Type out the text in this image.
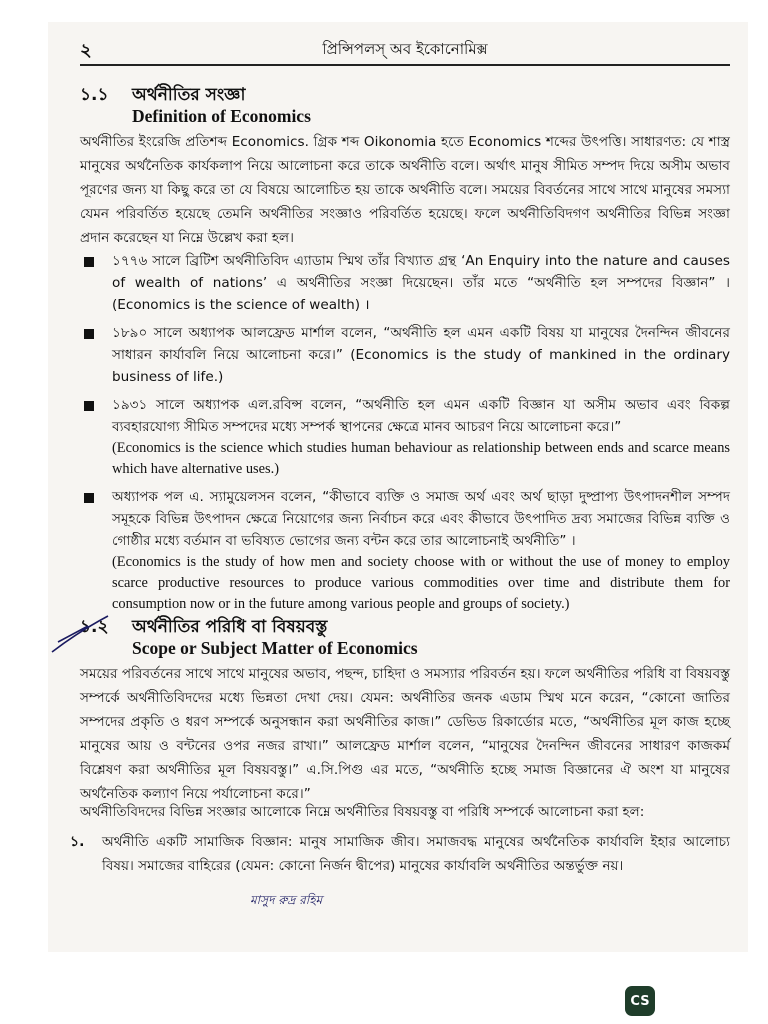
২	প্রিন্সিপলস্ অব ইকোনোমিক্স
১.১ অর্থনীতির সংজ্ঞা
Definition of Economics

অর্থনীতির ইংরেজি প্রতিশব্দ Economics. গ্রিক শব্দ Oikonomia হতে Economics শব্দের উৎপত্তি। সাধারণত: যে শাস্ত্র মানুষের অর্থনৈতিক কার্যকলাপ নিয়ে আলোচনা করে তাকে অর্থনীতি বলে। অর্থাৎ মানুষ সীমিত সম্পদ দিয়ে অসীম অভাব পূরণের জন্য যা কিছু করে তা যে বিষয়ে আলোচিত হয় তাকে অর্থনীতি বলে। সময়ের বিবর্তনের সাথে সাথে মানুষের সমস্যা যেমন পরিবর্তিত হয়েছে তেমনি অর্থনীতির সংজ্ঞাও পরিবর্তিত হয়েছে। ফলে অর্থনীতিবিদগণ অর্থনীতির বিভিন্ন সংজ্ঞা প্রদান করেছেন যা নিম্নে উল্লেখ করা হল।

১৭৭৬ সালে ব্রিটিশ অর্থনীতিবিদ এ্যাডাম স্মিথ তাঁর বিখ্যাত গ্রন্থ ‘An Enquiry into the nature and causes of wealth of nations’ এ অর্থনীতির সংজ্ঞা দিয়েছেন। তাঁর মতে “অর্থনীতি হল সম্পদের বিজ্ঞান” । (Economics is the science of wealth) ।
১৮৯০ সালে অধ্যাপক আলফ্রেড মার্শাল বলেন, “অর্থনীতি হল এমন একটি বিষয় যা মানুষের দৈনন্দিন জীবনের সাধারন কার্যাবলি নিয়ে আলোচনা করে।” (Economics is the study of mankined in the ordinary business of life.)
১৯৩১ সালে অধ্যাপক এল.রবিন্স বলেন, “অর্থনীতি হল এমন একটি বিজ্ঞান যা অসীম অভাব এবং বিকল্প ব্যবহারযোগ্য সীমিত সম্পদের মধ্যে সম্পর্ক স্থাপনের ক্ষেত্রে মানব আচরণ নিয়ে আলোচনা করে।”
(Economics is the science which studies human behaviour as relationship between ends and scarce means which have alternative uses.)
অধ্যাপক পল এ. স্যামুয়েলসন বলেন, “কীভাবে ব্যক্তি ও সমাজ অর্থ এবং অর্থ ছাড়া দুষ্প্রাপ্য উৎপাদনশীল সম্পদ সমূহকে বিভিন্ন উৎপাদন ক্ষেত্রে নিয়োগের জন্য নির্বাচন করে এবং কীভাবে উৎপাদিত দ্রব্য সমাজের বিভিন্ন ব্যক্তি ও গোষ্ঠীর মধ্যে বর্তমান বা ভবিষ্যত ভোগের জন্য বন্টন করে তার আলোচনাই অর্থনীতি” ।
(Economics is the study of how men and society choose with or without the use of money to employ scarce productive resources to produce various commodities over time and distribute them for consumption now or in the future among various people and groups of society.)
১.২ অর্থনীতির পরিধি বা বিষয়বস্তু
Scope or Subject Matter of Economics

সময়ের পরিবর্তনের সাথে সাথে মানুষের অভাব, পছন্দ, চাহিদা ও সমস্যার পরিবর্তন হয়। ফলে অর্থনীতির পরিধি বা বিষয়বস্তু সম্পর্কে অর্থনীতিবিদদের মধ্যে ভিন্নতা দেখা দেয়। যেমন: অর্থনীতির জনক এডাম স্মিথ মনে করেন, “কোনো জাতির সম্পদের প্রকৃতি ও ধরণ সম্পর্কে অনুসন্ধান করা অর্থনীতির কাজ।” ডেভিড রিকার্ডোর মতে, “অর্থনীতির মূল কাজ হচ্ছে মানুষের আয় ও বন্টনের ওপর নজর রাখা।” আলফ্রেড মার্শাল বলেন, “মানুষের দৈনন্দিন জীবনের সাধারণ কাজকর্ম বিশ্লেষণ করা অর্থনীতির মূল বিষয়বস্তু।” এ.সি.পিগু এর মতে, “অর্থনীতি হচ্ছে সমাজ বিজ্ঞানের ঐ অংশ যা মানুষের অর্থনৈতিক কল্যাণ নিয়ে পর্যালোচনা করে।”

অর্থনীতিবিদদের বিভিন্ন সংজ্ঞার আলোকে নিম্নে অর্থনীতির বিষয়বস্তু বা পরিধি সম্পর্কে আলোচনা করা হল:

১. অর্থনীতি একটি সামাজিক বিজ্ঞান: মানুষ সামাজিক জীব। সমাজবদ্ধ মানুষের অর্থনৈতিক কার্যাবলি ইহার আলোচ্য বিষয়। সমাজের বাহিরের (যেমন: কোনো নির্জন দ্বীপের) মানুষের কার্যাবলি অর্থনীতির অন্তর্ভুক্ত নয়।
মাসুদ রুদ্র রহিম
CS
